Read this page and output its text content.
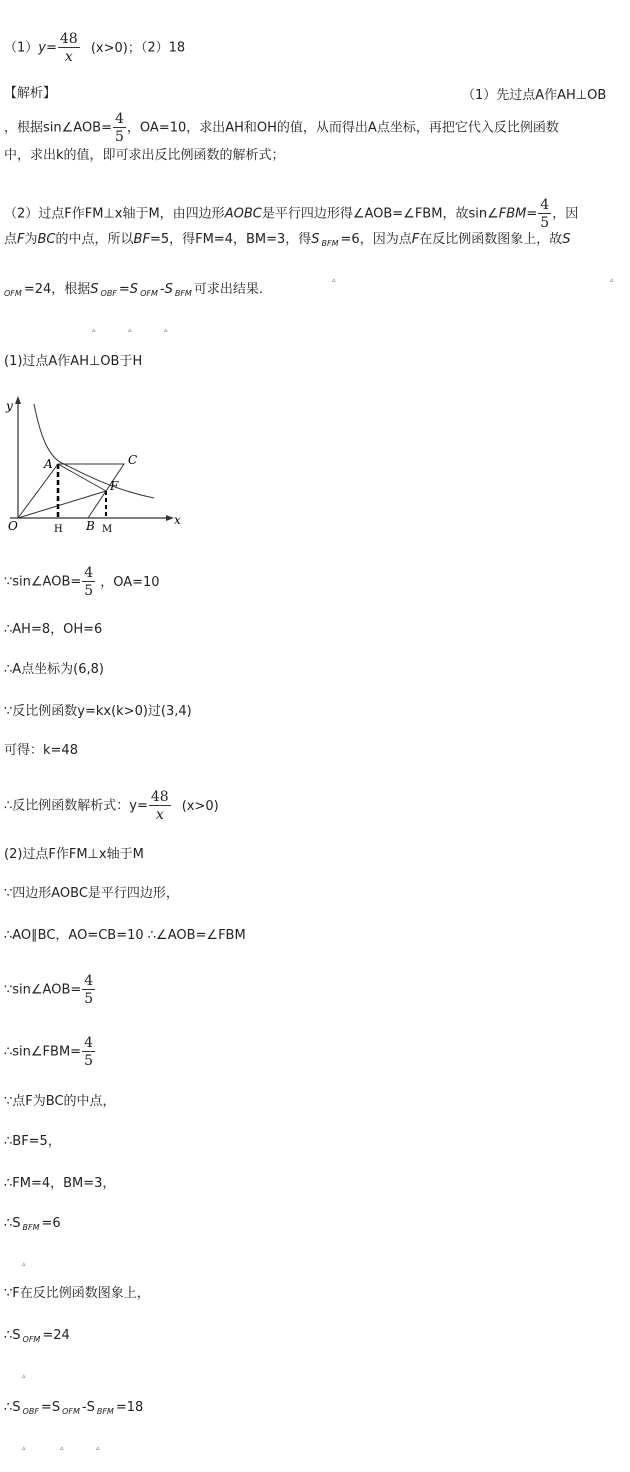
$(1)y= \frac{48}{x} (x>0)$；（2）18
【解析】	（1）先过点A作AH⊥OB
，根据sin∠AOB= $\frac{4}{5}$ ，OA=10，求出AH和OH的值，从而得出A点坐标，再把它代入反比例函数
中，求出k的值，即可求出反比例函数的解析式；
（2）过点F作FM⊥x轴于M，由四边形AOBC是平行四边形得∠AOB=∠FBM，故sin∠FBM= $\frac{4}{5}$ ，因
点F为BC的中点，所以BF=5，得FM=4，BM=3，得S $_{BFM}$ =6，因为点F在反比例函数图象上，故S
$_{OFM}$ =24，根据S $_{OBF}$ =S $_{OFM}$ -S $_{BFM}$ 可求出结果.
▵	▵
▵	▵	▵
(1)过点A作AH⊥OB于H
y
x
O
A	C
F
H B M
∵sin∠AOB= $\frac{4}{5}$ ，OA=10
∴AH=8，OH=6
∴A点坐标为(6,8)
∵反比例函数y=kx(k>0)过(3,4)
可得：k=48
∴反比例函数解析式：$y= \frac{48}{x} (x>0)$
(2)过点F作FM⊥x轴于M
∵四边形AOBC是平行四边形，
∴AO∥BC，AO=CB=10 ∴∠AOB=∠FBM
∵sin∠AOB= $\frac{4}{5}$
∴sin∠FBM= $\frac{4}{5}$
∵点F为BC的中点，
∴BF=5，
∴FM=4，BM=3，
∴S $_{BFM}$ =6
▵
∵F在反比例函数图象上，
∴S $_{OFM}$ =24
▵
∴S $_{OBF}$ =S $_{OFM}$ -S $_{BFM}$ =18
▵	▵	▵
